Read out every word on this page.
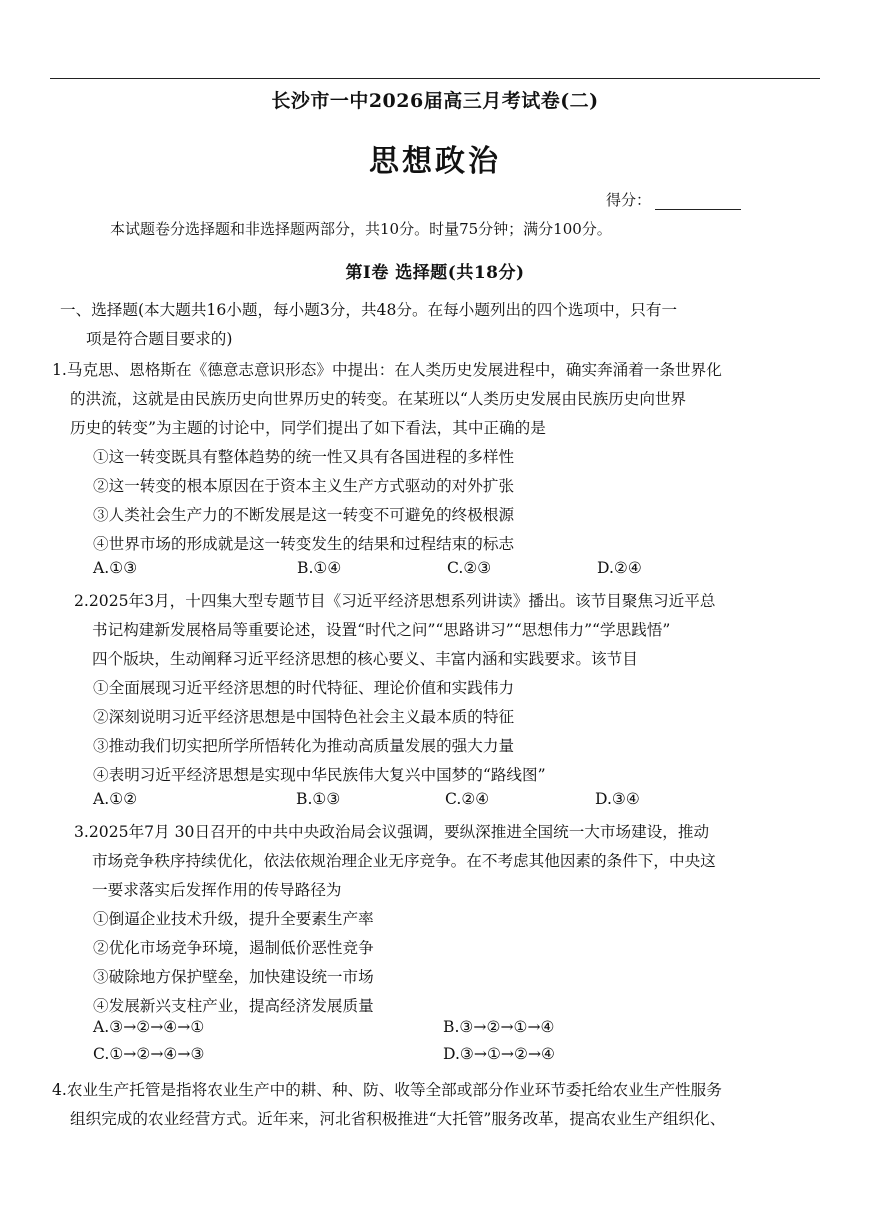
长沙市一中2026届高三月考试卷(二)
思想政治
得分：
本试题卷分选择题和非选择题两部分，共10分。时量75分钟；满分100分。
第Ⅰ卷 选择题(共18分)
一、选择题(本大题共16小题，每小题3分，共48分。在每小题列出的四个选项中，只有一
项是符合题目要求的)
1.马克思、恩格斯在《德意志意识形态》中提出：在人类历史发展进程中，确实奔涌着一条世界化
的洪流，这就是由民族历史向世界历史的转变。在某班以“人类历史发展由民族历史向世界
历史的转变”为主题的讨论中，同学们提出了如下看法，其中正确的是
①这一转变既具有整体趋势的统一性又具有各国进程的多样性
②这一转变的根本原因在于资本主义生产方式驱动的对外扩张
③人类社会生产力的不断发展是这一转变不可避免的终极根源
④世界市场的形成就是这一转变发生的结果和过程结束的标志
A.①③	B.①④	C.②③	D.②④
2.2025年3月，十四集大型专题节目《习近平经济思想系列讲读》播出。该节目聚焦习近平总
书记构建新发展格局等重要论述，设置“时代之问”“思路讲习”“思想伟力”“学思践悟”
四个版块，生动阐释习近平经济思想的核心要义、丰富内涵和实践要求。该节目
①全面展现习近平经济思想的时代特征、理论价值和实践伟力
②深刻说明习近平经济思想是中国特色社会主义最本质的特征
③推动我们切实把所学所悟转化为推动高质量发展的强大力量
④表明习近平经济思想是实现中华民族伟大复兴中国梦的“路线图”
A.①②	B.①③	C.②④	D.③④
3.2025年7月 30日召开的中共中央政治局会议强调，要纵深推进全国统一大市场建设，推动
市场竞争秩序持续优化，依法依规治理企业无序竞争。在不考虑其他因素的条件下，中央这
一要求落实后发挥作用的传导路径为
①倒逼企业技术升级，提升全要素生产率
②优化市场竞争环境，遏制低价恶性竞争
③破除地方保护壁垒，加快建设统一市场
④发展新兴支柱产业，提高经济发展质量
A.③→②→④→①	B.③→②→①→④
C.①→②→④→③	D.③→①→②→④
4.农业生产托管是指将农业生产中的耕、种、防、收等全部或部分作业环节委托给农业生产性服务
组织完成的农业经营方式。近年来，河北省积极推进“大托管”服务改革，提高农业生产组织化、
